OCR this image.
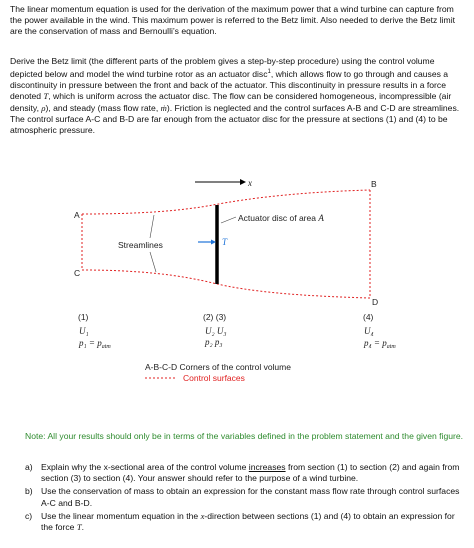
The linear momentum equation is used for the derivation of the maximum power that a wind turbine can capture from the power available in the wind. This maximum power is referred to the Betz limit. Also needed to derive the Betz limit are the conservation of mass and Bernoulli’s equation.

Derive the Betz limit (the different parts of the problem gives a step-by-step procedure) using the control volume depicted below and model the wind turbine rotor as an actuator disc$^1$, which allows flow to go through and causes a discontinuity in pressure between the front and back of the actuator. This discontinuity in pressure results in a force denoted T, which is uniform across the actuator disc. The flow can be considered homogeneous, incompressible (air density, ρ), and steady (mass flow rate, ṁ). Friction is neglected and the control surfaces A-B and C-D are streamlines. The control surface A-C and B-D are far enough from the actuator disc for the pressure at sections (1) and (4) to be atmospheric pressure.

x
A
B
C
D
Actuator disc of area A
T
Streamlines
(1)
U₁
$p_1 = p_{atm}$
(2) (3)
U₂ U₃
p₂ p₃
(4)
U₄
$p_4 = p_{atm}$
A-B-C-D Corners of the control volume
Control surfaces

Note: All your results should only be in terms of the variables defined in the problem statement and the given figure.

a) Explain why the x-sectional area of the control volume increases from section (1) to section (2) and again from section (3) to section (4). Your answer should refer to the purpose of a wind turbine.
b) Use the conservation of mass to obtain an expression for the constant mass flow rate through control surfaces A-C and B-D.
c) Use the linear momentum equation in the x-direction between sections (1) and (4) to obtain an expression for the force T.
